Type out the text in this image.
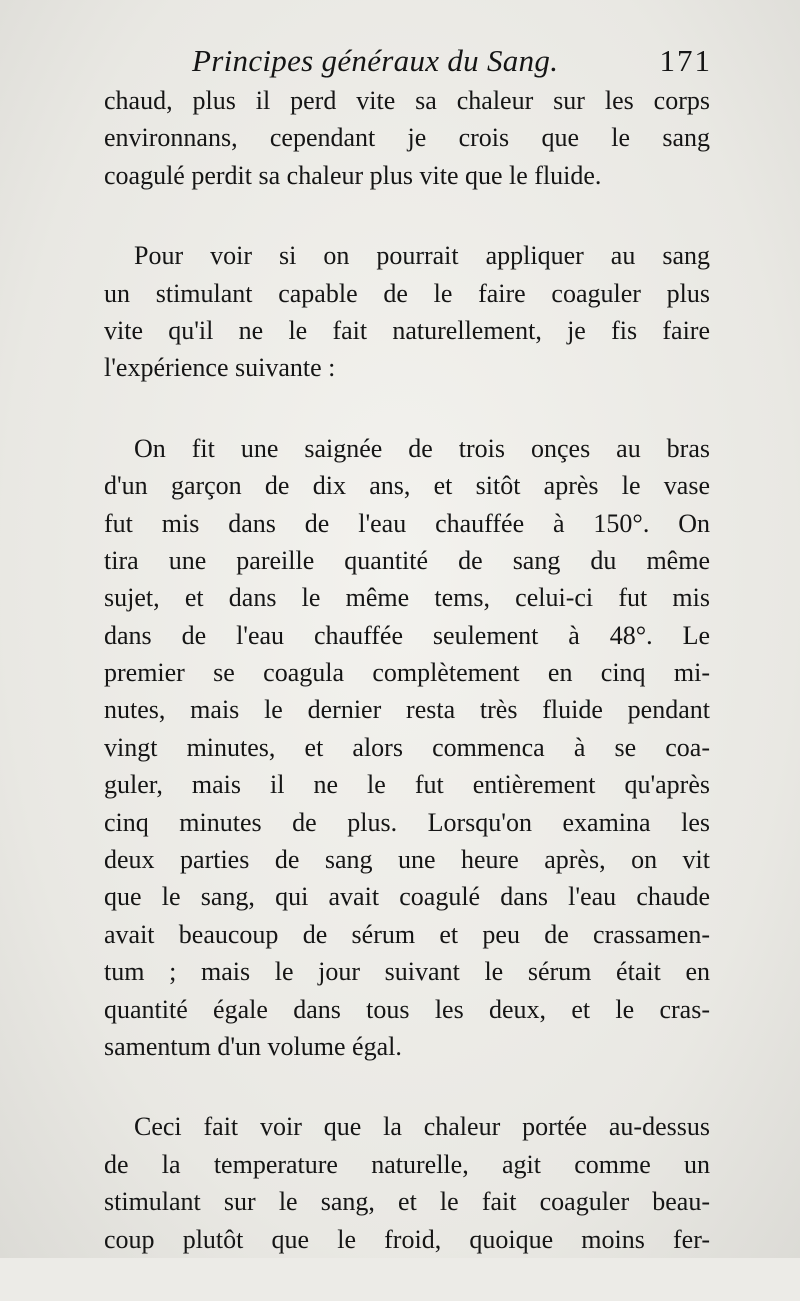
Principes généraux du Sang.	171

chaud, plus il perd vite sa chaleur sur les corps
environnans, cependant je crois que le sang
coagulé perdit sa chaleur plus vite que le fluide.

Pour voir si on pourrait appliquer au sang
un stimulant capable de le faire coaguler plus
vite qu'il ne le fait naturellement, je fis faire
l'expérience suivante :

On fit une saignée de trois onçes au bras
d'un garçon de dix ans, et sitôt après le vase
fut mis dans de l'eau chauffée à 150°. On
tira une pareille quantité de sang du même
sujet, et dans le même tems, celui-ci fut mis
dans de l'eau chauffée seulement à 48°. Le
premier se coagula complètement en cinq mi-
nutes, mais le dernier resta très fluide pendant
vingt minutes, et alors commenca à se coa-
guler, mais il ne le fut entièrement qu'après
cinq minutes de plus. Lorsqu'on examina les
deux parties de sang une heure après, on vit
que le sang, qui avait coagulé dans l'eau chaude
avait beaucoup de sérum et peu de crassamen-
tum ; mais le jour suivant le sérum était en
quantité égale dans tous les deux, et le cras-
samentum d'un volume égal.

Ceci fait voir que la chaleur portée au-dessus
de la temperature naturelle, agit comme un
stimulant sur le sang, et le fait coaguler beau-
coup plutôt que le froid, quoique moins fer-
